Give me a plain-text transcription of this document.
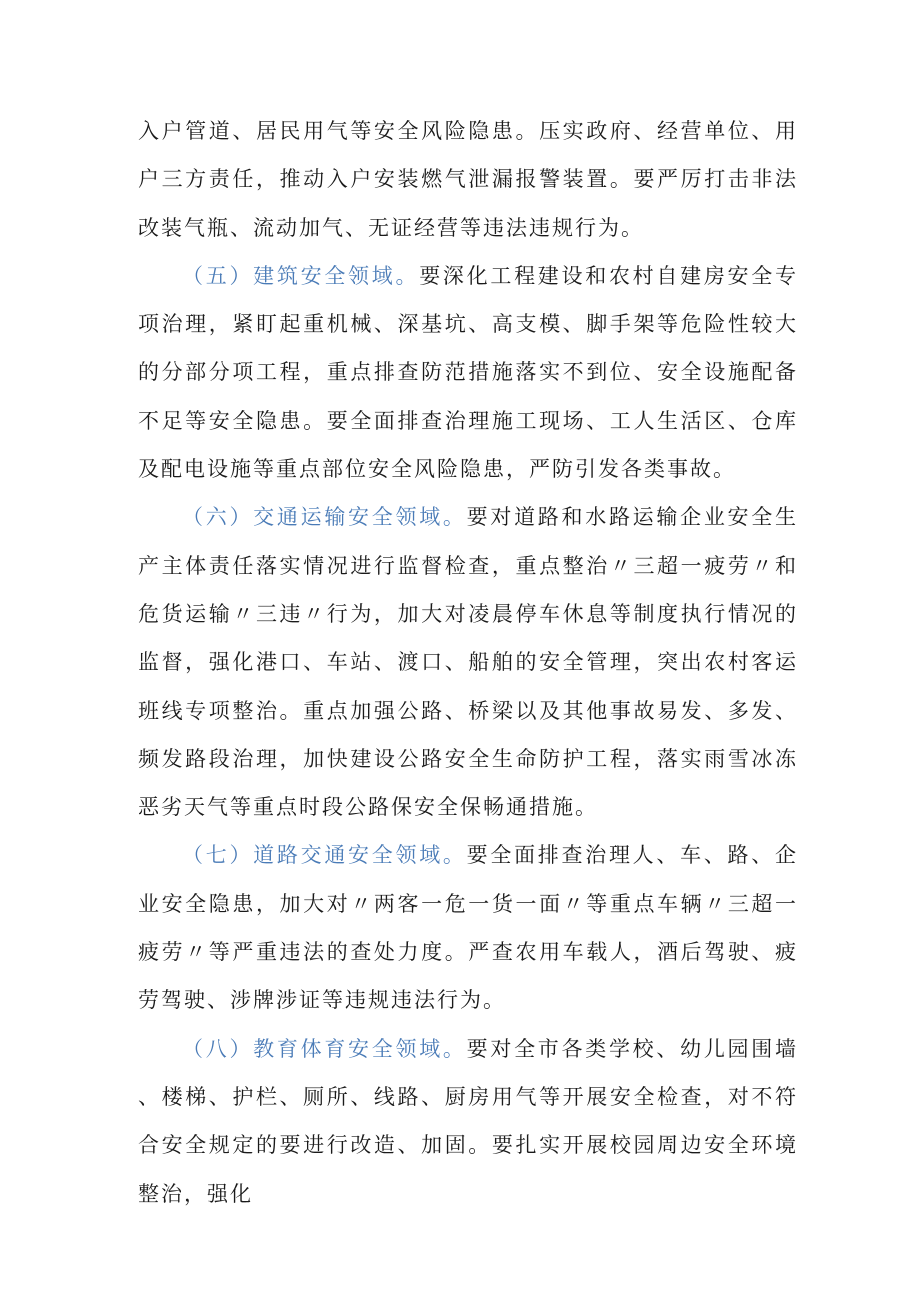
入户管道、居民用气等安全风险隐患。压实政府、经营单位、用户三方责任，推动入户安装燃气泄漏报警装置。要严厉打击非法改装气瓶、流动加气、无证经营等违法违规行为。

（五）建筑安全领域。要深化工程建设和农村自建房安全专项治理，紧盯起重机械、深基坑、高支模、脚手架等危险性较大的分部分项工程，重点排查防范措施落实不到位、安全设施配备不足等安全隐患。要全面排查治理施工现场、工人生活区、仓库及配电设施等重点部位安全风险隐患，严防引发各类事故。

（六）交通运输安全领域。要对道路和水路运输企业安全生产主体责任落实情况进行监督检查，重点整治〃三超一疲劳〃和危货运输〃三违〃行为，加大对凌晨停车休息等制度执行情况的监督，强化港口、车站、渡口、船舶的安全管理，突出农村客运班线专项整治。重点加强公路、桥梁以及其他事故易发、多发、频发路段治理，加快建设公路安全生命防护工程，落实雨雪冰冻恶劣天气等重点时段公路保安全保畅通措施。

（七）道路交通安全领域。要全面排查治理人、车、路、企业安全隐患，加大对〃两客一危一货一面〃等重点车辆〃三超一疲劳〃等严重违法的查处力度。严查农用车载人，酒后驾驶、疲劳驾驶、涉牌涉证等违规违法行为。

（八）教育体育安全领域。要对全市各类学校、幼儿园围墙、楼梯、护栏、厕所、线路、厨房用气等开展安全检查，对不符合安全规定的要进行改造、加固。要扎实开展校园周边安全环境整治，强化
